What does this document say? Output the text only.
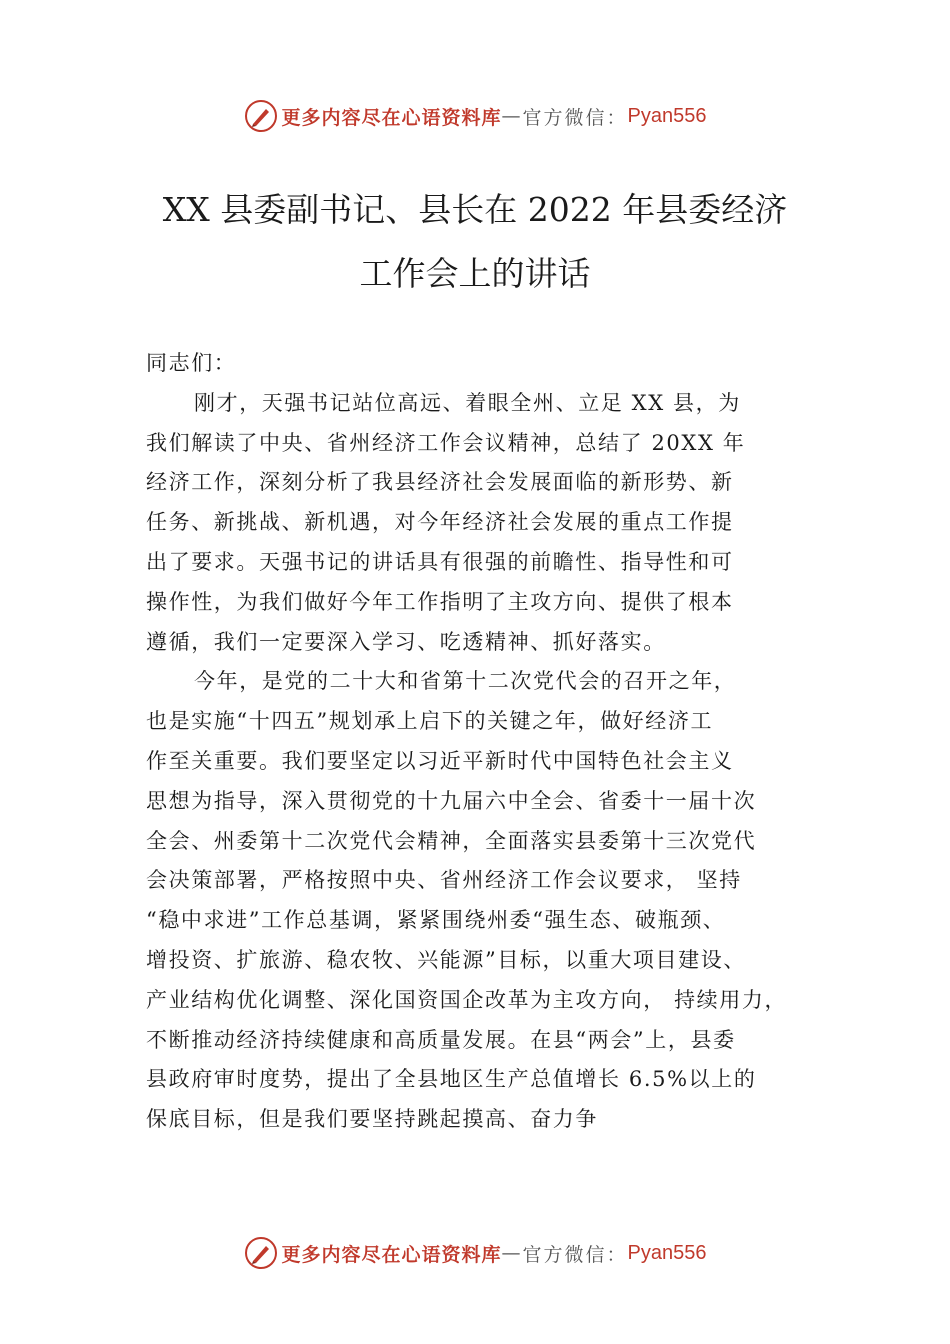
更多内容尽在心语资料库 — 官方微信： Pyan556
XX 县委副书记、县长在 2022 年县委经济
工作会上的讲话
同志们：
刚才，天强书记站位高远、着眼全州、立足 XX 县，为
我们解读了中央、省州经济工作会议精神，总结了 20XX 年
经济工作，深刻分析了我县经济社会发展面临的新形势、新
任务、新挑战、新机遇，对今年经济社会发展的重点工作提
出了要求。天强书记的讲话具有很强的前瞻性、指导性和可
操作性，为我们做好今年工作指明了主攻方向、提供了根本
遵循，我们一定要深入学习、吃透精神、抓好落实。
今年，是党的二十大和省第十二次党代会的召开之年，
也是实施“十四五”规划承上启下的关键之年，做好经济工
作至关重要。我们要坚定以习近平新时代中国特色社会主义
思想为指导，深入贯彻党的十九届六中全会、省委十一届十次
全会、州委第十二次党代会精神，全面落实县委第十三次党代
会决策部署，严格按照中央、省州经济工作会议要求， 坚持
“稳中求进”工作总基调，紧紧围绕州委“强生态、破瓶颈、
增投资、扩旅游、稳农牧、兴能源”目标，以重大项目建设、
产业结构优化调整、深化国资国企改革为主攻方向， 持续用力，
不断推动经济持续健康和高质量发展。在县“两会”上，县委
县政府审时度势，提出了全县地区生产总值增长 6.5%以上的
保底目标，但是我们要坚持跳起摸高、奋力争
更多内容尽在心语资料库 — 官方微信： Pyan556
